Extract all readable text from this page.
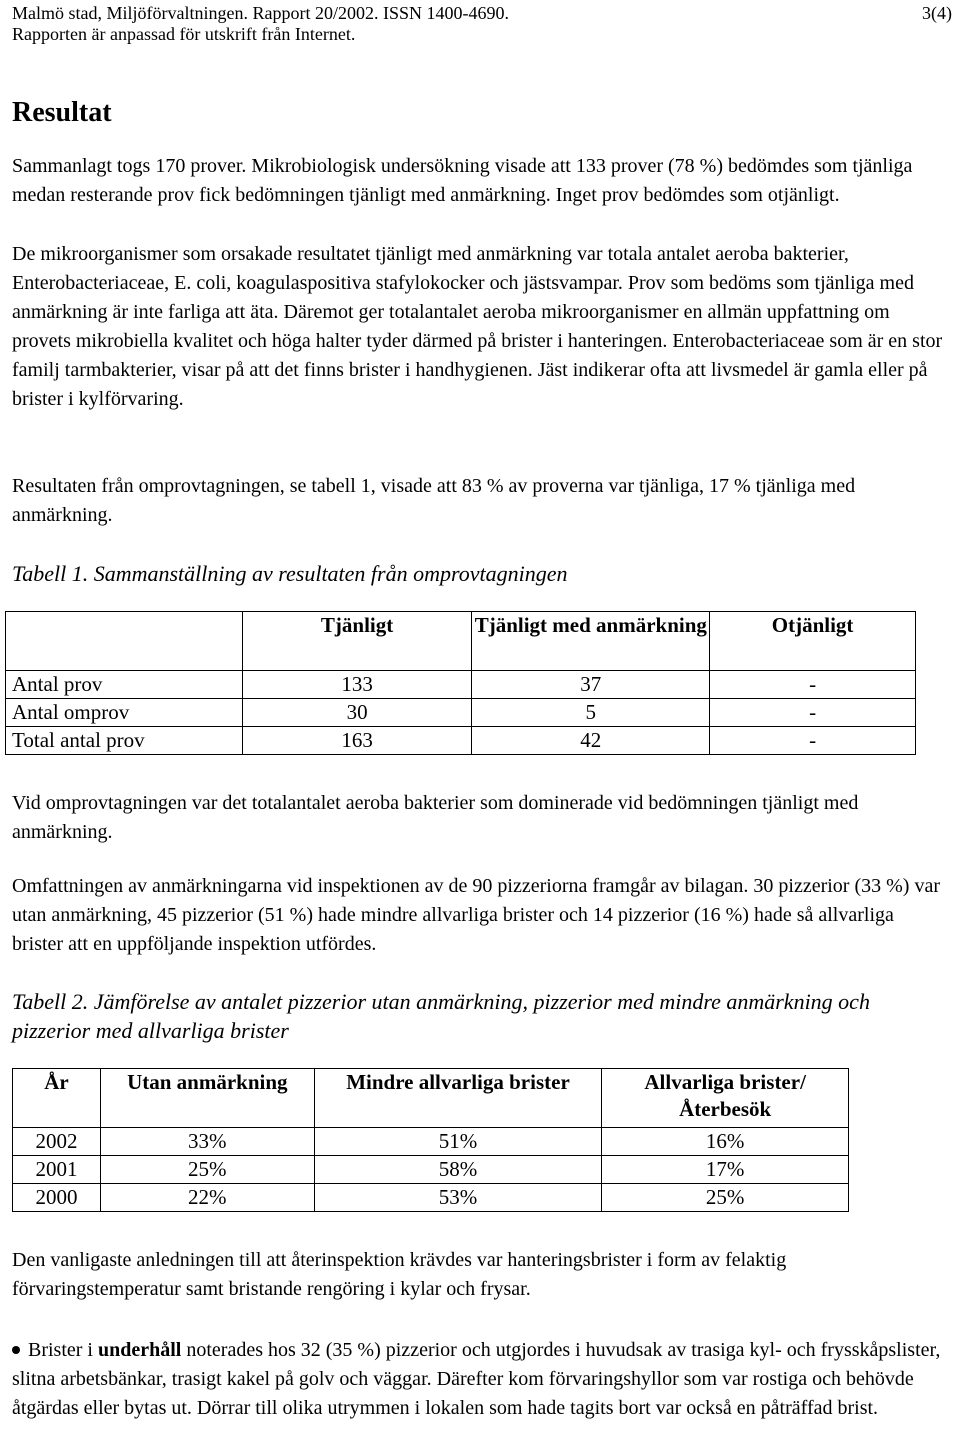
Malmö stad, Miljöförvaltningen. Rapport 20/2002. ISSN 1400-4690.	3(4)
Rapporten är anpassad för utskrift från Internet.
Resultat

Sammanlagt togs 170 prover. Mikrobiologisk undersökning visade att 133 prover (78 %) bedömdes som tjänliga medan resterande prov fick bedömningen tjänligt med anmärkning. Inget prov bedömdes som otjänligt.

De mikroorganismer som orsakade resultatet tjänligt med anmärkning var totala antalet aeroba bakterier, Enterobacteriaceae, E. coli, koagulaspositiva stafylokocker och jästsvampar. Prov som bedöms som tjänliga med anmärkning är inte farliga att äta. Däremot ger totalantalet aeroba mikroorganismer en allmän uppfattning om provets mikrobiella kvalitet och höga halter tyder därmed på brister i hanteringen. Enterobacteriaceae som är en stor familj tarmbakterier, visar på att det finns brister i handhygienen. Jäst indikerar ofta att livsmedel är gamla eller på brister i kylförvaring.

Resultaten från omprovtagningen, se tabell 1, visade att 83 % av proverna var tjänliga, 17 % tjänliga med anmärkning.

Tabell 1. Sammanställning av resultaten från omprovtagningen

	Tjänligt	Tjänligt med anmärkning	Otjänligt
Antal prov	133	37	-
Antal omprov	30	5	-
Total antal prov	163	42	-

Vid omprovtagningen var det totalantalet aeroba bakterier som dominerade vid bedömningen tjänligt med anmärkning.

Omfattningen av anmärkningarna vid inspektionen av de 90 pizzeriorna framgår av bilagan. 30 pizzerior (33 %) var utan anmärkning, 45 pizzerior (51 %) hade mindre allvarliga brister och 14 pizzerior (16 %) hade så allvarliga brister att en uppföljande inspektion utfördes.

Tabell 2. Jämförelse av antalet pizzerior utan anmärkning, pizzerior med mindre anmärkning och pizzerior med allvarliga brister

År	Utan anmärkning	Mindre allvarliga brister	Allvarliga brister/Återbesök
2002	33%	51%	16%
2001	25%	58%	17%
2000	22%	53%	25%

Den vanligaste anledningen till att återinspektion krävdes var hanteringsbrister i form av felaktig förvaringstemperatur samt bristande rengöring i kylar och frysar.

Brister i underhåll noterades hos 32 (35 %) pizzerior och utgjordes i huvudsak av trasiga kyl- och frysskåpslister, slitna arbetsbänkar, trasigt kakel på golv och väggar. Därefter kom förvaringshyllor som var rostiga och behövde åtgärdas eller bytas ut. Dörrar till olika utrymmen i lokalen som hade tagits bort var också en påträffad brist.
